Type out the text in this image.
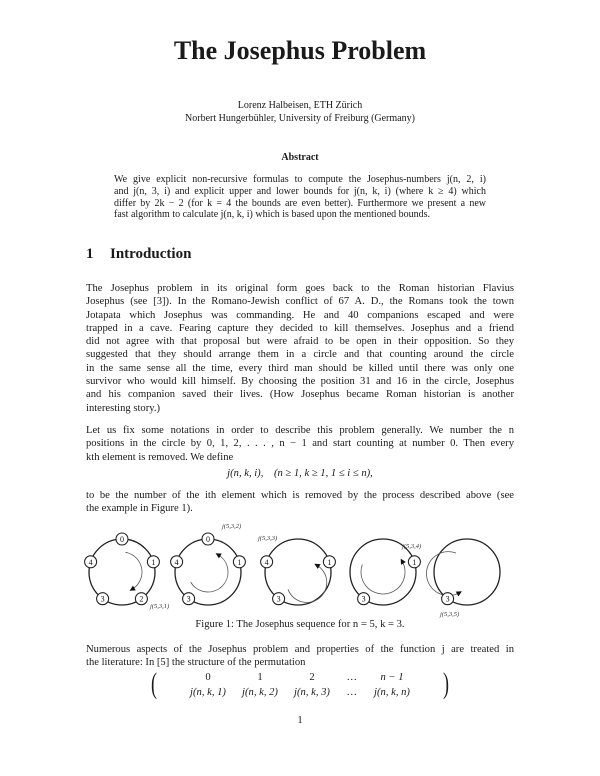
The Josephus Problem
Lorenz Halbeisen, ETH Zürich
Norbert Hungerbühler, University of Freiburg (Germany)
Abstract
We give explicit non-recursive formulas to compute the Josephus-numbers j(n, 2, i)
and j(n, 3, i) and explicit upper and lower bounds for j(n, k, i) (where k ≥ 4) which
differ by 2k − 2 (for k = 4 the bounds are even better). Furthermore we present a new
fast algorithm to calculate j(n, k, i) which is based upon the mentioned bounds.
1 Introduction
The Josephus problem in its original form goes back to the Roman historian Flavius
Josephus (see [3]). In the Romano-Jewish conflict of 67 A. D., the Romans took the town
Jotapata which Josephus was commanding. He and 40 companions escaped and were
trapped in a cave. Fearing capture they decided to kill themselves. Josephus and a friend
did not agree with that proposal but were afraid to be open in their opposition. So they
suggested that they should arrange them in a circle and that counting around the circle
in the same sense all the time, every third man should be killed until there was only one
survivor who would kill himself. By choosing the position 31 and 16 in the circle, Josephus
and his companion saved their lives. (How Josephus became Roman historian is another
interesting story.)
Let us fix some notations in order to describe this problem generally. We number the n
positions in the circle by 0, 1, 2, . . . , n − 1 and start counting at number 0. Then every
kth element is removed. We define
j(n, k, i),    (n ≥ 1, k ≥ 1, 1 ≤ i ≤ n),
to be the number of the ith element which is removed by the process described above (see
the example in Figure 1).
0
1
2
3
4
j(5,3,1)
0
1
3
4
j(5,3,2)
1
3
4
j(5,3,3)
1
3
j(5,3,4)
3
j(5,3,5)
Figure 1: The Josephus sequence for n = 5, k = 3.
Numerous aspects of the Josephus problem and properties of the function j are treated in
the literature: In [5] the structure of the permutation
(	)
0	1	2	…	n − 1
j(n, k, 1)	j(n, k, 2)	j(n, k, 3)	…	j(n, k, n)
1
